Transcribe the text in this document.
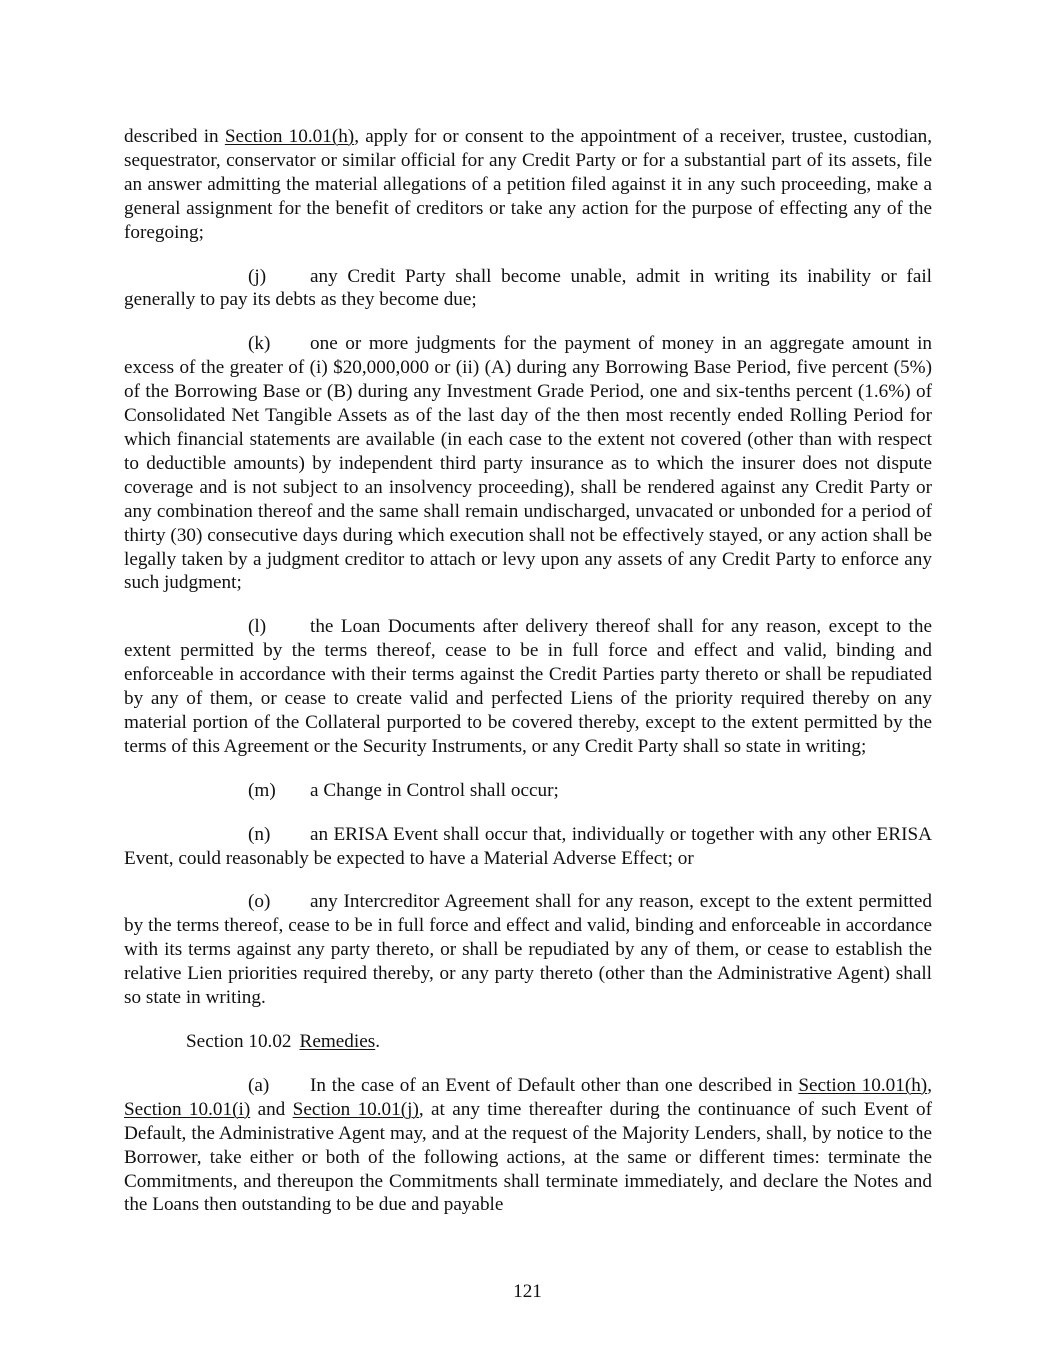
described in Section 10.01(h), apply for or consent to the appointment of a receiver, trustee, custodian, sequestrator, conservator or similar official for any Credit Party or for a substantial part of its assets, file an answer admitting the material allegations of a petition filed against it in any such proceeding, make a general assignment for the benefit of creditors or take any action for the purpose of effecting any of the foregoing;

(j) any Credit Party shall become unable, admit in writing its inability or fail generally to pay its debts as they become due;

(k) one or more judgments for the payment of money in an aggregate amount in excess of the greater of (i) $20,000,000 or (ii) (A) during any Borrowing Base Period, five percent (5%) of the Borrowing Base or (B) during any Investment Grade Period, one and six-tenths percent (1.6%) of Consolidated Net Tangible Assets as of the last day of the then most recently ended Rolling Period for which financial statements are available (in each case to the extent not covered (other than with respect to deductible amounts) by independent third party insurance as to which the insurer does not dispute coverage and is not subject to an insolvency proceeding), shall be rendered against any Credit Party or any combination thereof and the same shall remain undischarged, unvacated or unbonded for a period of thirty (30) consecutive days during which execution shall not be effectively stayed, or any action shall be legally taken by a judgment creditor to attach or levy upon any assets of any Credit Party to enforce any such judgment;

(l) the Loan Documents after delivery thereof shall for any reason, except to the extent permitted by the terms thereof, cease to be in full force and effect and valid, binding and enforceable in accordance with their terms against the Credit Parties party thereto or shall be repudiated by any of them, or cease to create valid and perfected Liens of the priority required thereby on any material portion of the Collateral purported to be covered thereby, except to the extent permitted by the terms of this Agreement or the Security Instruments, or any Credit Party shall so state in writing;

(m) a Change in Control shall occur;

(n) an ERISA Event shall occur that, individually or together with any other ERISA Event, could reasonably be expected to have a Material Adverse Effect; or

(o) any Intercreditor Agreement shall for any reason, except to the extent permitted by the terms thereof, cease to be in full force and effect and valid, binding and enforceable in accordance with its terms against any party thereto, or shall be repudiated by any of them, or cease to establish the relative Lien priorities required thereby, or any party thereto (other than the Administrative Agent) shall so state in writing.

Section 10.02 Remedies.

(a) In the case of an Event of Default other than one described in Section 10.01(h), Section 10.01(i) and Section 10.01(j), at any time thereafter during the continuance of such Event of Default, the Administrative Agent may, and at the request of the Majority Lenders, shall, by notice to the Borrower, take either or both of the following actions, at the same or different times: terminate the Commitments, and thereupon the Commitments shall terminate immediately, and declare the Notes and the Loans then outstanding to be due and payable

121
